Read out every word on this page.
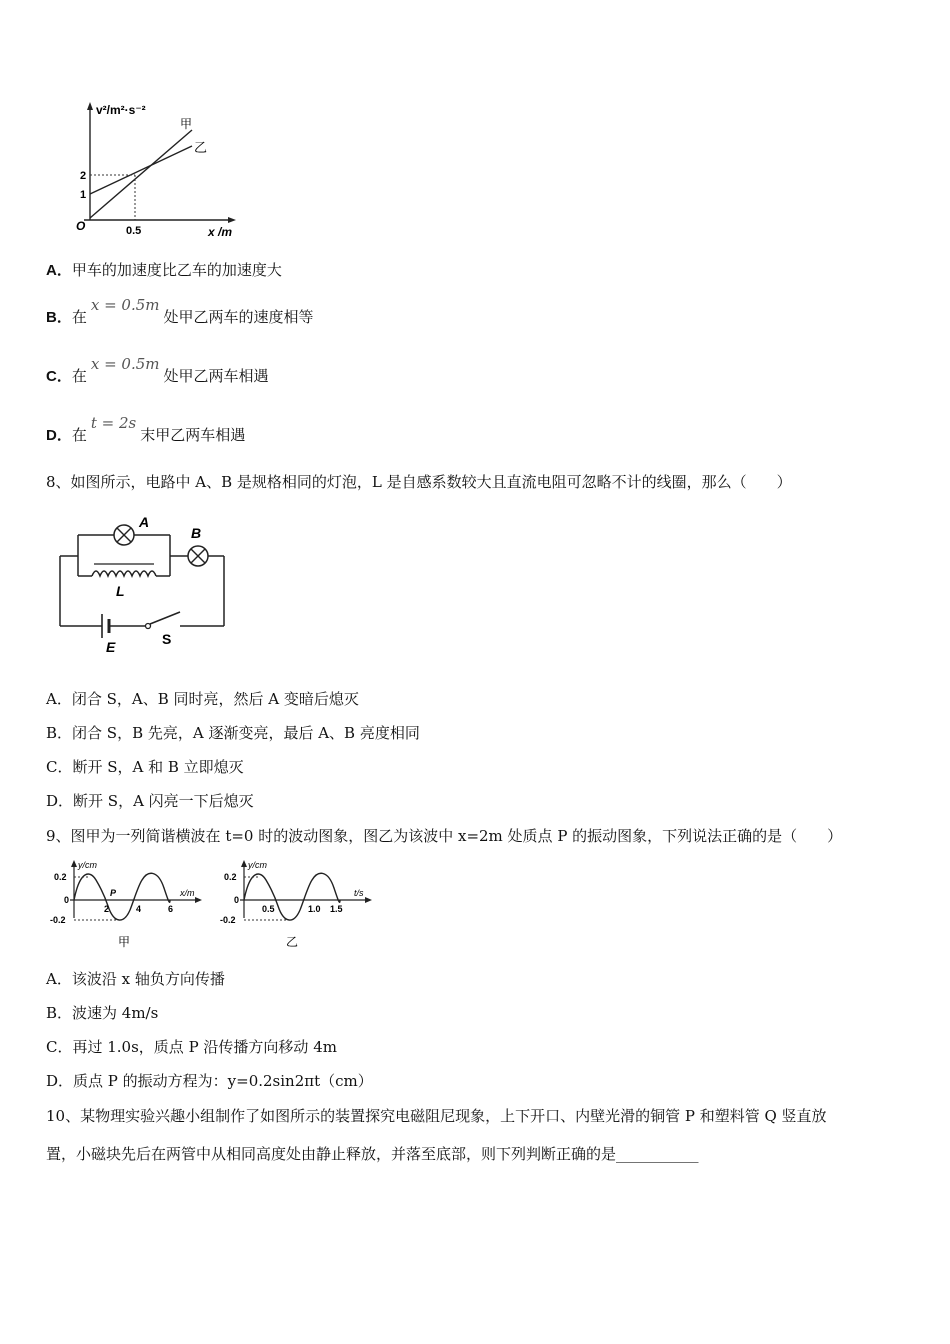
v²/m²·s⁻²
x /m
O
2
1
0.5
甲
乙
A．甲车的加速度比乙车的加速度大
B．在x = 0.5m处甲乙两车的速度相等
C．在x = 0.5m处甲乙两车相遇
D．在t = 2s末甲乙两车相遇
8、如图所示，电路中 A、B 是规格相同的灯泡，L 是自感系数较大且直流电阻可忽略不计的线圈，那么（　　）
A
B
L
E	S
A．闭合 S，A、B 同时亮，然后 A 变暗后熄灭
B．闭合 S，B 先亮，A 逐渐变亮，最后 A、B 亮度相同
C．断开 S，A 和 B 立即熄灭
D．断开 S，A 闪亮一下后熄灭
9、图甲为一列简谐横波在 t=0 时的波动图象，图乙为该波中 x=2m 处质点 P 的振动图象，下列说法正确的是（　　）
y/cm
x/m
0.2
0
-0.2
P
2	4	6
甲
y/cm
t/s
0.2
0
-0.2
0.5	1.0 1.5
乙
A．该波沿 x 轴负方向传播
B．波速为 4m/s
C．再过 1.0s，质点 P 沿传播方向移动 4m
D．质点 P 的振动方程为：y=0.2sin2πt（cm）
10、某物理实验兴趣小组制作了如图所示的装置探究电磁阻尼现象，上下开口、内壁光滑的铜管 P 和塑料管 Q 竖直放
置，小磁块先后在两管中从相同高度处由静止释放，并落至底部，则下列判断正确的是___________
